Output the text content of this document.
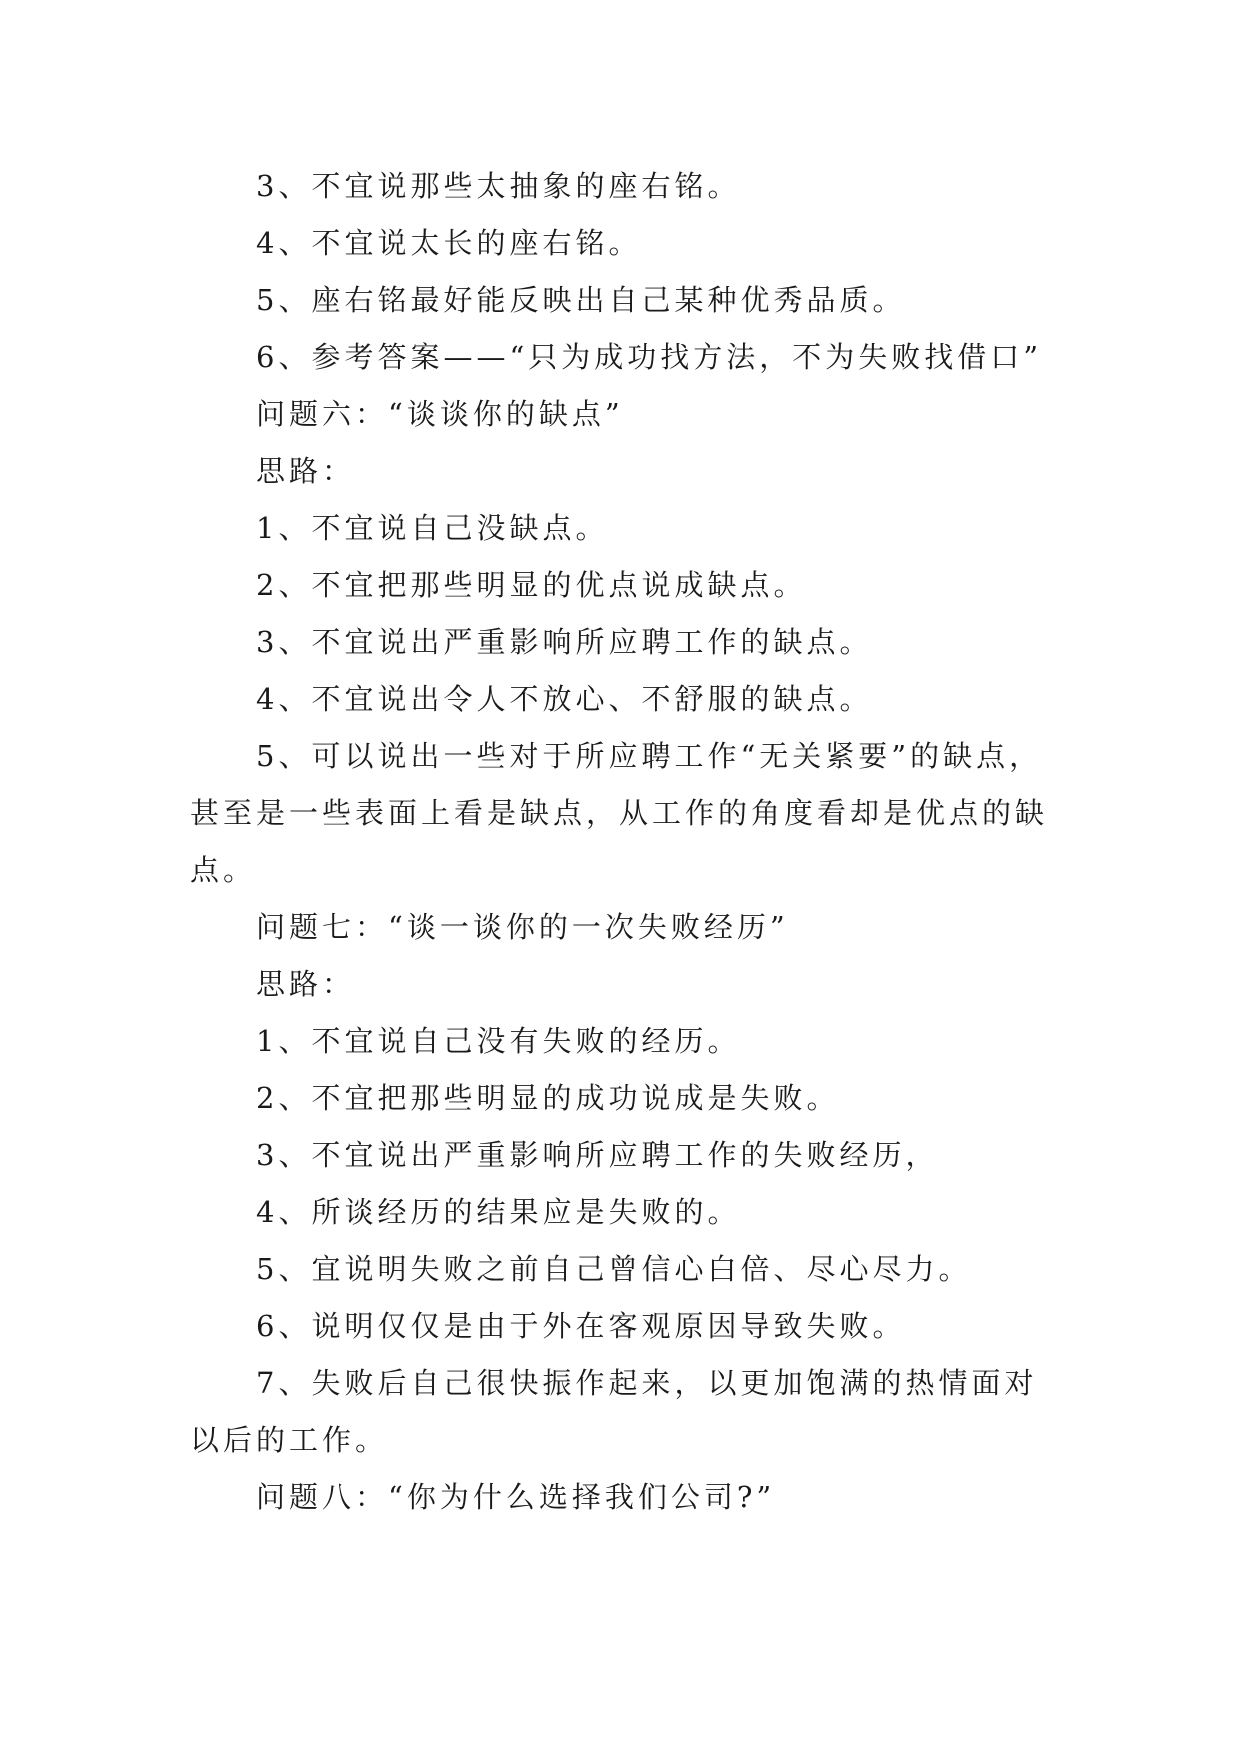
3、不宜说那些太抽象的座右铭。

4、不宜说太长的座右铭。

5、座右铭最好能反映出自己某种优秀品质。

6、参考答案——“只为成功找方法，不为失败找借口”

问题六：“谈谈你的缺点”

思路：

1、不宜说自己没缺点。

2、不宜把那些明显的优点说成缺点。

3、不宜说出严重影响所应聘工作的缺点。

4、不宜说出令人不放心、不舒服的缺点。

5、可以说出一些对于所应聘工作“无关紧要”的缺点，甚至是一些表面上看是缺点，从工作的角度看却是优点的缺点。

问题七：“谈一谈你的一次失败经历”

思路：

1、不宜说自己没有失败的经历。

2、不宜把那些明显的成功说成是失败。

3、不宜说出严重影响所应聘工作的失败经历，

4、所谈经历的结果应是失败的。

5、宜说明失败之前自己曾信心白倍、尽心尽力。

6、说明仅仅是由于外在客观原因导致失败。

7、失败后自己很快振作起来，以更加饱满的热情面对以后的工作。

问题八：“你为什么选择我们公司?”
